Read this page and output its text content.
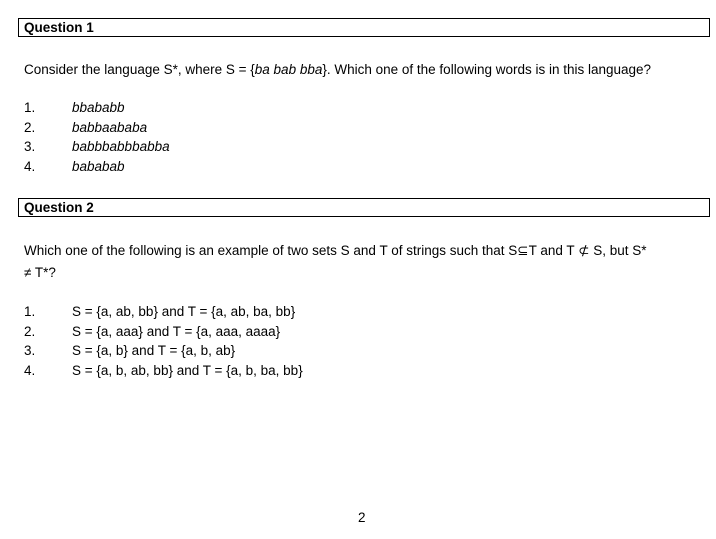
Question 1
Consider the language S*, where S = {ba bab bba}. Which one of the following words is in this language?
1.	bbababb
2.	babbaababa
3.	babbbabbbabba
4.	bababab
Question 2
Which one of the following is an example of two sets S and T of strings such that S⊆T and T ⊄ S, but S*
≠ T*?
1.	S = {a, ab, bb} and T = {a, ab, ba, bb}
2.	S = {a, aaa} and T = {a, aaa, aaaa}
3.	S = {a, b} and T = {a, b, ab}
4.	S = {a, b, ab, bb} and T = {a, b, ba, bb}
2
